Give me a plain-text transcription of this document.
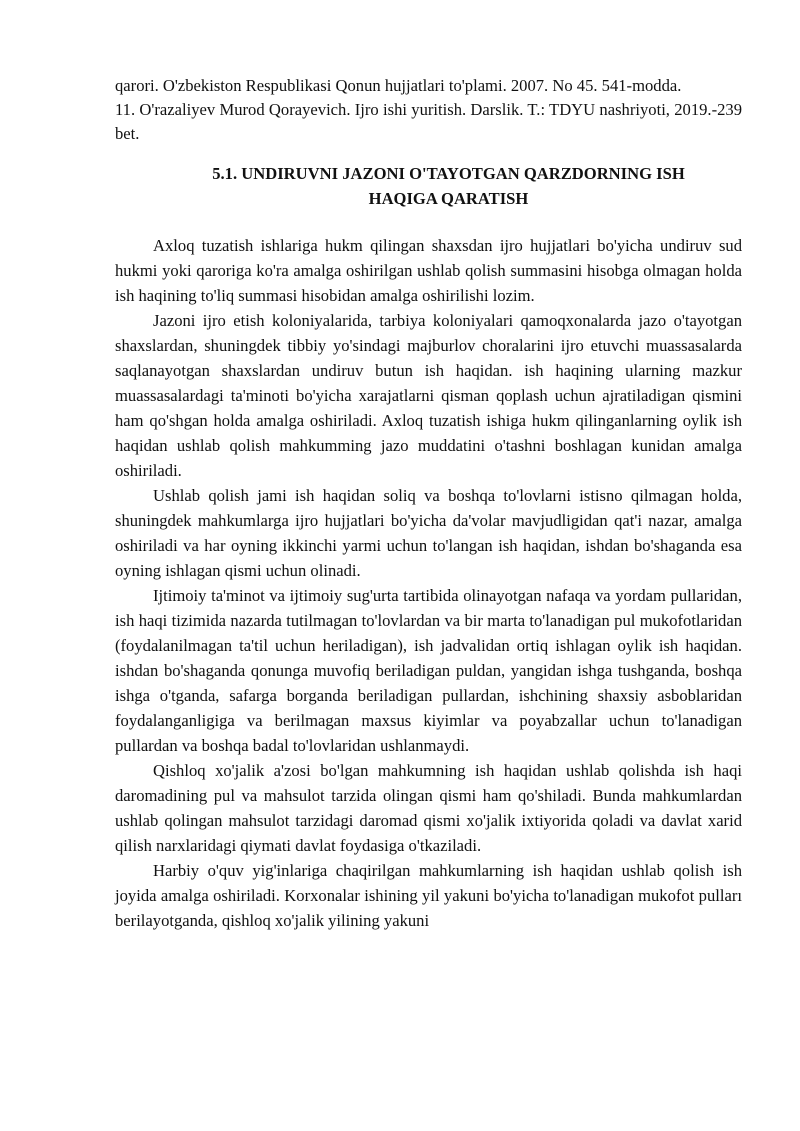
qarori. O'zbekiston Respublikasi Qonun hujjatlari to'plami. 2007. No 45. 541-modda.

11. O'razaliyev Murod Qorayevich. Ijro ishi yuritish. Darslik. T.: TDYU nashriyoti, 2019.-239 bet.

5.1. UNDIRUVNI JAZONI O'TAYOTGAN QARZDORNING ISH
HAQIGA QARATISH

Axloq tuzatish ishlariga hukm qilingan shaxsdan ijro hujjatlari bo'yicha undiruv sud hukmi yoki qaroriga ko'ra amalga oshirilgan ushlab qolish summasini hisobga olmagan holda ish haqining to'liq summasi hisobidan amalga oshirilishi lozim.

Jazoni ijro etish koloniyalarida, tarbiya koloniyalari qamoqxonalarda jazo o'tayotgan shaxslardan, shuningdek tibbiy yo'sindagi majburlov choralarini ijro etuvchi muassasalarda saqlanayotgan shaxslardan undiruv butun ish haqidan. ish haqining ularning mazkur muassasalardagi ta'minoti bo'yicha xarajatlarni qisman qoplash uchun ajratiladigan qismini ham qo'shgan holda amalga oshiriladi. Axloq tuzatish ishiga hukm qilinganlarning oylik ish haqidan ushlab qolish mahkumming jazo muddatini o'tashni boshlagan kunidan amalga oshiriladi.

Ushlab qolish jami ish haqidan soliq va boshqa to'lovlarni istisno qilmagan holda, shuningdek mahkumlarga ijro hujjatlari bo'yicha da'volar mavjudligidan qat'i nazar, amalga oshiriladi va har oyning ikkinchi yarmi uchun to'langan ish haqidan, ishdan bo'shaganda esa oyning ishlagan qismi uchun olinadi.

Ijtimoiy ta'minot va ijtimoiy sug'urta tartibida olinayotgan nafaqa va yordam pullaridan, ish haqi tizimida nazarda tutilmagan to'lovlardan va bir marta to'lanadigan pul mukofotlaridan (foydalanilmagan ta'til uchun heriladigan), ish jadvalidan ortiq ishlagan oylik ish haqidan. ishdan bo'shaganda qonunga muvofiq beriladigan puldan, yangidan ishga tushganda, boshqa ishga o'tganda, safarga borganda beriladigan pullardan, ishchining shaxsiy asboblaridan foydalanganligiga va berilmagan maxsus kiyimlar va poyabzallar uchun to'lanadigan pullardan va boshqa badal to'lovlaridan ushlanmaydi.

Qishloq xo'jalik a'zosi bo'lgan mahkumning ish haqidan ushlab qolishda ish haqi daromadining pul va mahsulot tarzida olingan qismi ham qo'shiladi. Bunda mahkumlardan ushlab qolingan mahsulot tarzidagi daromad qismi xo'jalik ixtiyorida qoladi va davlat xarid qilish narxlaridagi qiymati davlat foydasiga o'tkaziladi.

Harbiy o'quv yig'inlariga chaqirilgan mahkumlarning ish haqidan ushlab qolish ish joyida amalga oshiriladi. Korxonalar ishining yil yakuni bo'yicha to'lanadigan mukofot pulları berilayotganda, qishloq xo'jalik yilining yakuni
